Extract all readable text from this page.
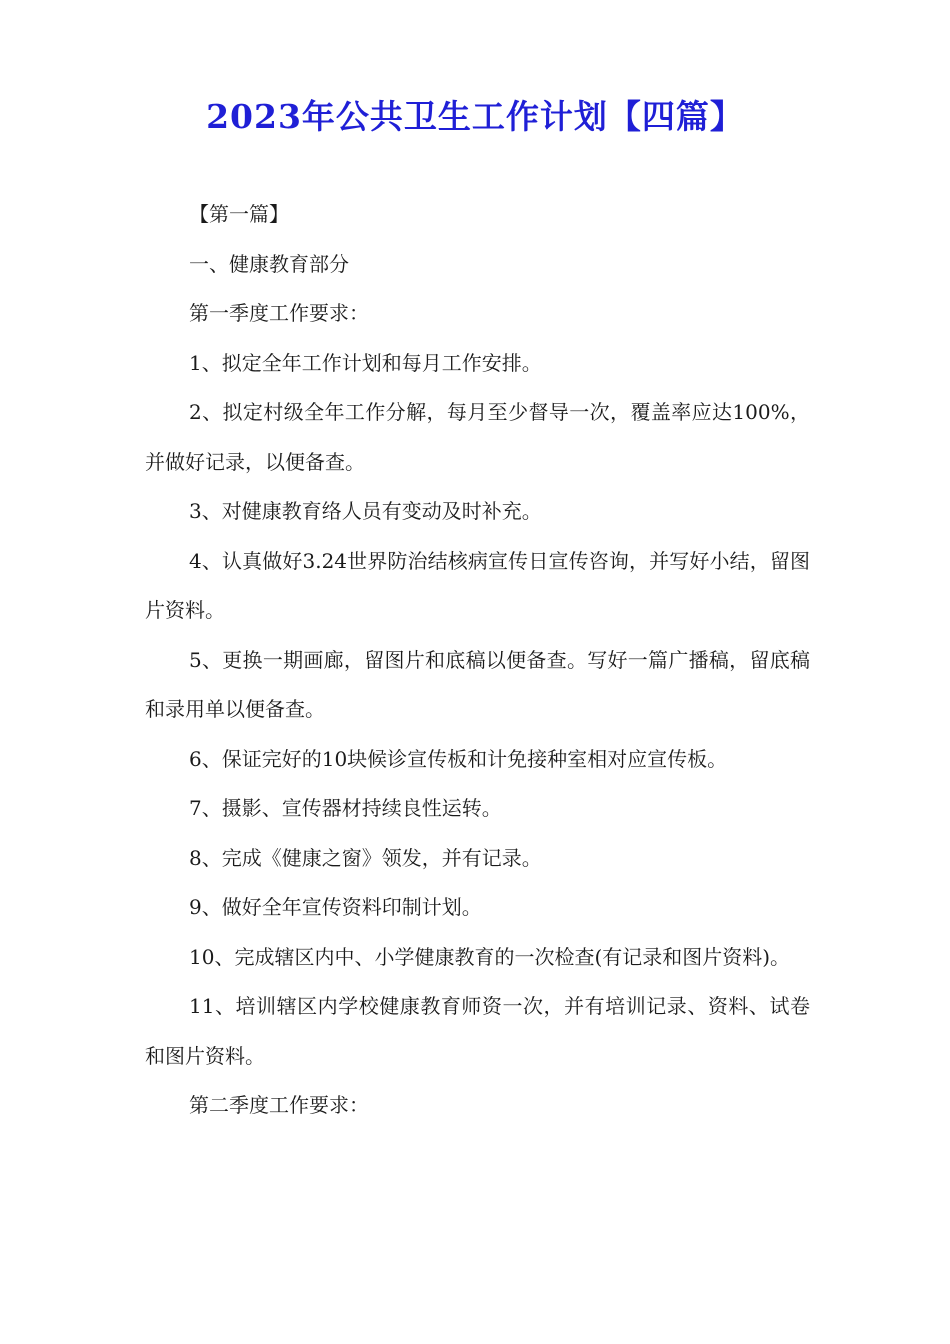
2023年公共卫生工作计划【四篇】

【第一篇】

一、健康教育部分

第一季度工作要求：

1、拟定全年工作计划和每月工作安排。

2、拟定村级全年工作分解，每月至少督导一次，覆盖率应达100%，并做好记录，以便备查。

3、对健康教育络人员有变动及时补充。

4、认真做好3.24世界防治结核病宣传日宣传咨询，并写好小结，留图片资料。

5、更换一期画廊，留图片和底稿以便备查。写好一篇广播稿，留底稿和录用单以便备查。

6、保证完好的10块候诊宣传板和计免接种室相对应宣传板。

7、摄影、宣传器材持续良性运转。

8、完成《健康之窗》领发，并有记录。

9、做好全年宣传资料印制计划。

10、完成辖区内中、小学健康教育的一次检查(有记录和图片资料)。

11、培训辖区内学校健康教育师资一次，并有培训记录、资料、试卷和图片资料。

第二季度工作要求：
